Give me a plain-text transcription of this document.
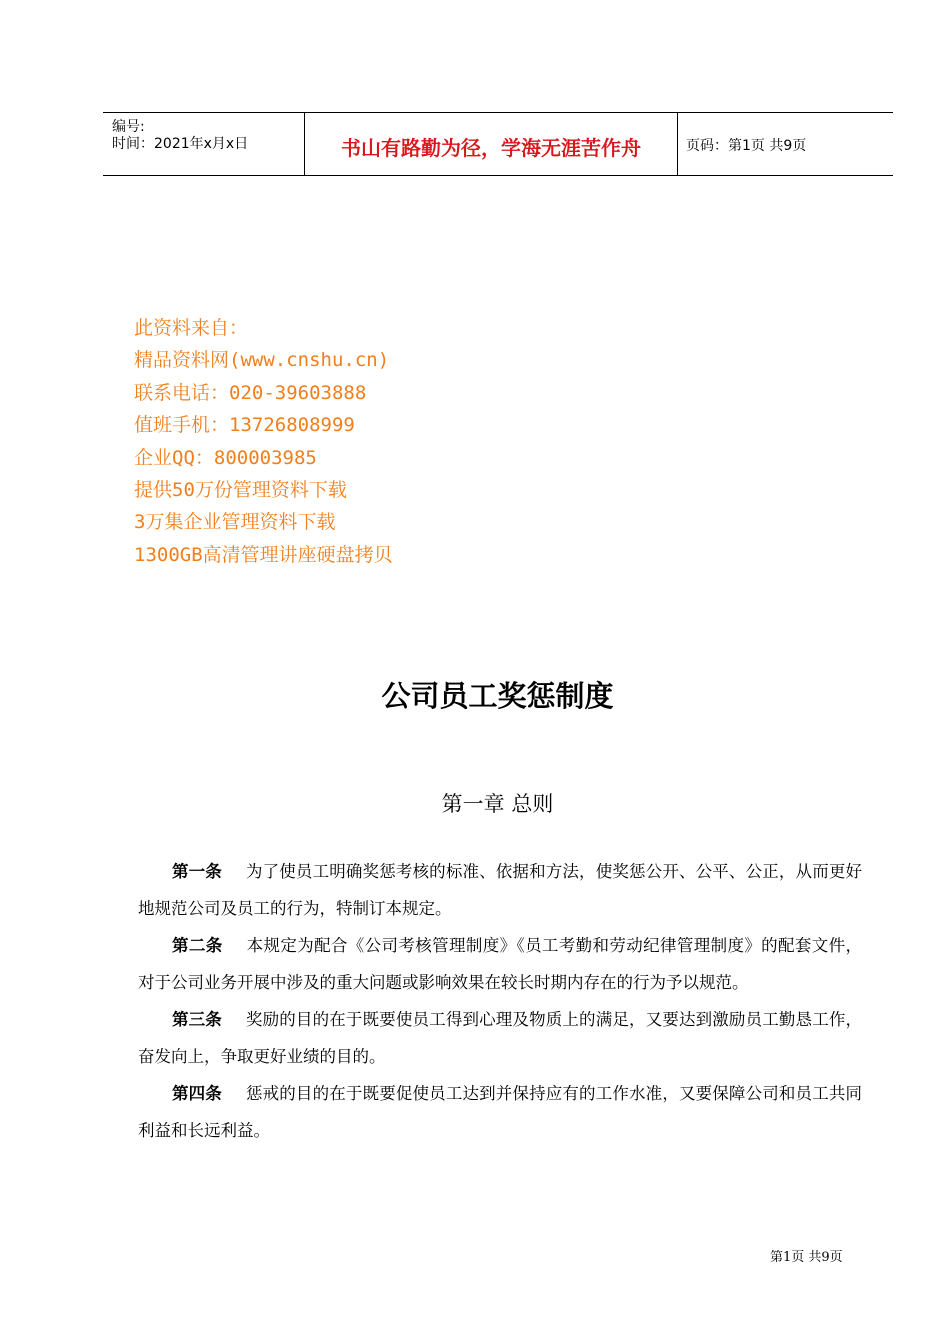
编号:
时间：2021年x月x日	书山有路勤为径，学海无涯苦作舟	页码：第1页 共9页
此资料来自：
精品资料网(www.cnshu.cn)
联系电话：020-39603888
值班手机：13726808999
企业QQ：800003985
提供50万份管理资料下载
3万集企业管理资料下载
1300GB高清管理讲座硬盘拷贝
公司员工奖惩制度
第一章 总则

第一条 为了使员工明确奖惩考核的标准、依据和方法，使奖惩公开、公平、公正，从而更好地规范公司及员工的行为，特制订本规定。

第二条 本规定为配合《公司考核管理制度》《员工考勤和劳动纪律管理制度》的配套文件，对于公司业务开展中涉及的重大问题或影响效果在较长时期内存在的行为予以规范。

第三条 奖励的目的在于既要使员工得到心理及物质上的满足，又要达到激励员工勤恳工作，奋发向上，争取更好业绩的目的。

第四条 惩戒的目的在于既要促使员工达到并保持应有的工作水准，又要保障公司和员工共同利益和长远利益。

第1页 共9页
